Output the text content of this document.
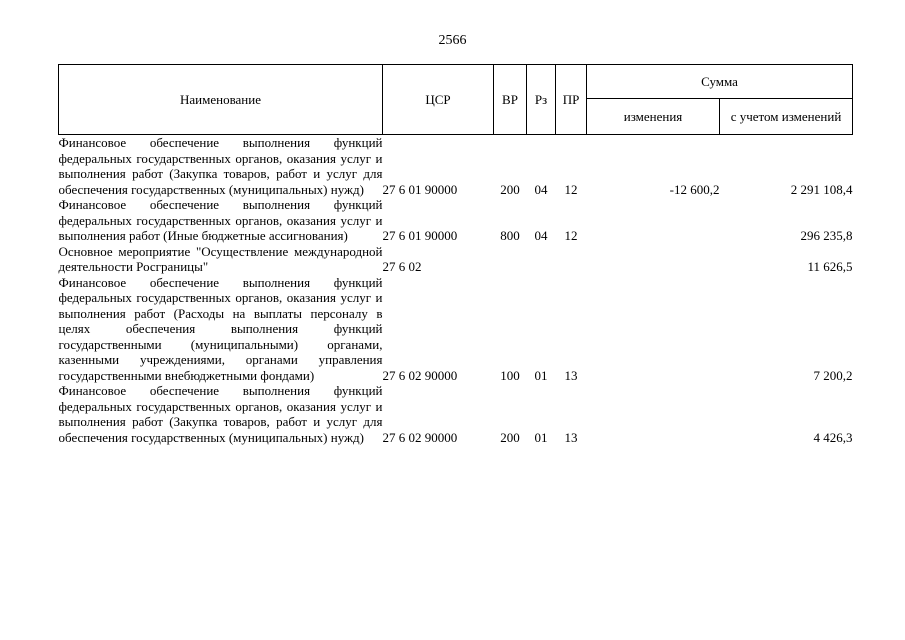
2566
Наименование	ЦСР	ВР	Рз	ПР	Сумма	
					изменения	с учетом изменений

Финансовое обеспечение выполнения функций федеральных государственных органов, оказания услуг и выполнения работ (Закупка товаров, работ и услуг для обеспечения государственных (муниципальных) нужд)	27 6 01 90000	200	04	12	-12 600,2	2 291 108,4

Финансовое обеспечение выполнения функций федеральных государственных органов, оказания услуг и выполнения работ (Иные бюджетные ассигнования)	27 6 01 90000	800	04	12		296 235,8

Основное мероприятие "Осуществление международной деятельности Росграницы"	27 6 02					11 626,5

Финансовое обеспечение выполнения функций федеральных государственных органов, оказания услуг и выполнения работ (Расходы на выплаты персоналу в целях обеспечения выполнения функций государственными (муниципальными) органами, казенными учреждениями, органами управления государственными внебюджетными фондами)	27 6 02 90000	100	01	13		7 200,2

Финансовое обеспечение выполнения функций федеральных государственных органов, оказания услуг и выполнения работ (Закупка товаров, работ и услуг для обеспечения государственных (муниципальных) нужд)	27 6 02 90000	200	01	13		4 426,3
